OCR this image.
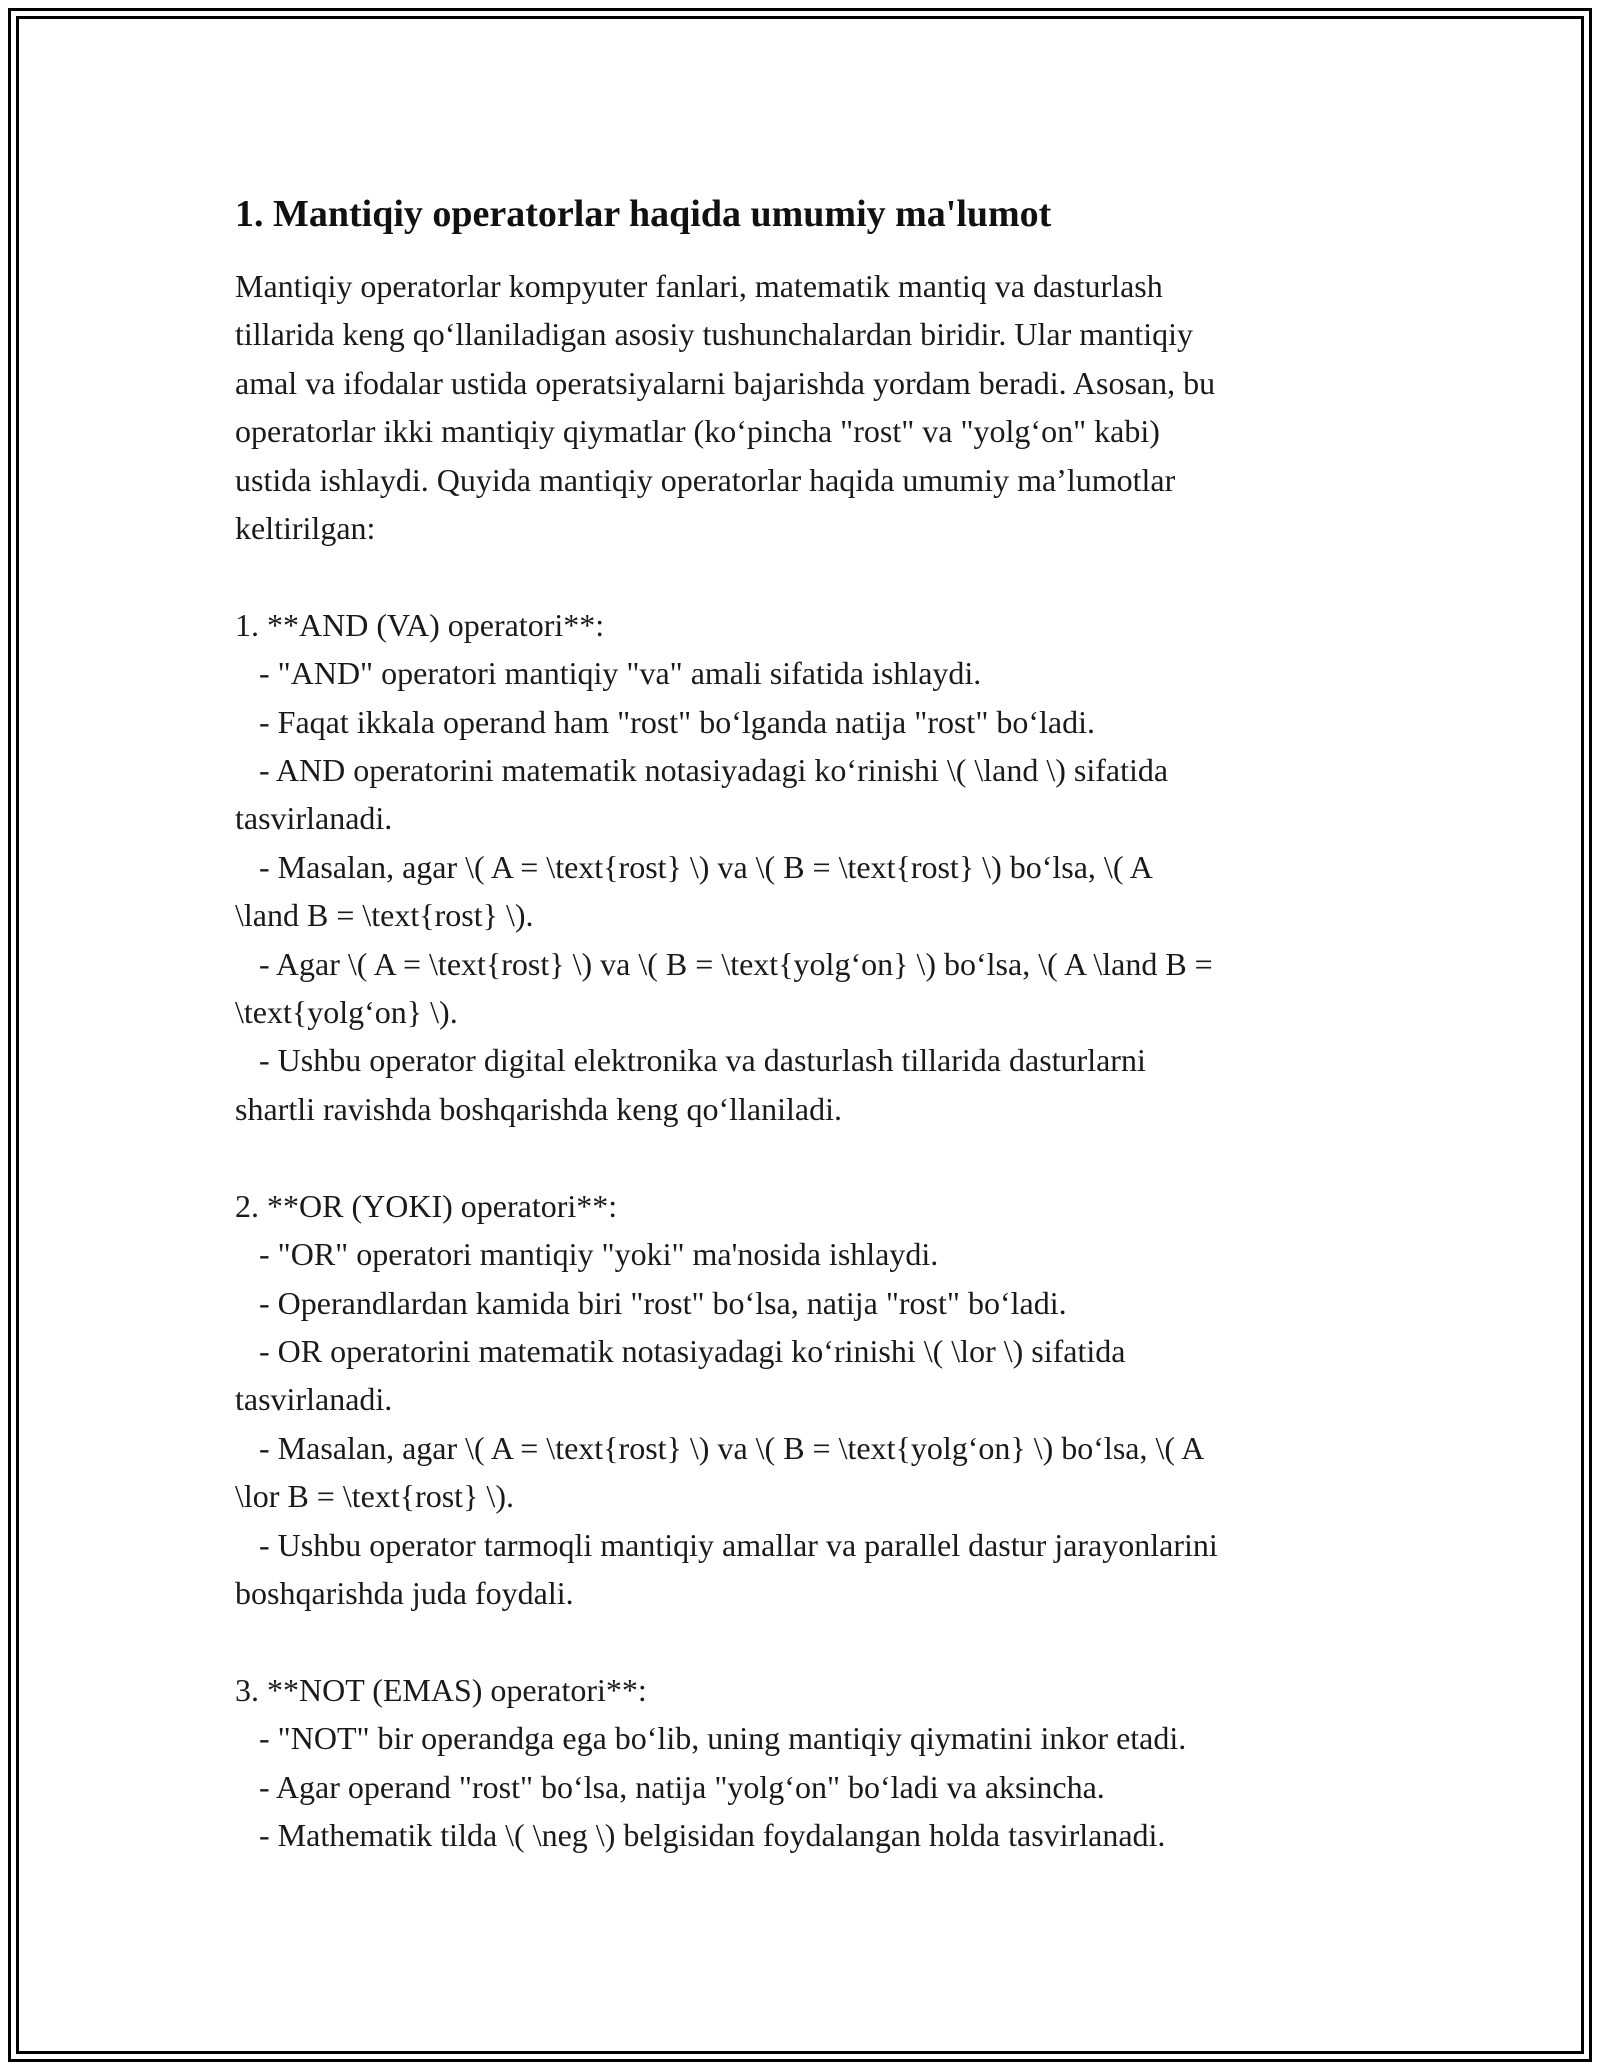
1. Mantiqiy operatorlar haqida umumiy ma'lumot
Mantiqiy operatorlar kompyuter fanlari, matematik mantiq va dasturlash
tillarida keng qo‘llaniladigan asosiy tushunchalardan biridir. Ular mantiqiy
amal va ifodalar ustida operatsiyalarni bajarishda yordam beradi. Asosan, bu
operatorlar ikki mantiqiy qiymatlar (ko‘pincha "rost" va "yolg‘on" kabi)
ustida ishlaydi. Quyida mantiqiy operatorlar haqida umumiy ma’lumotlar
keltirilgan:
1. **AND (VA) operatori**:
- "AND" operatori mantiqiy "va" amali sifatida ishlaydi.
- Faqat ikkala operand ham "rost" bo‘lganda natija "rost" bo‘ladi.
- AND operatorini matematik notasiyadagi ko‘rinishi \( \land \) sifatida
tasvirlanadi.
- Masalan, agar \( A = \text{rost} \) va \( B = \text{rost} \) bo‘lsa, \( A
\land B = \text{rost} \).
- Agar \( A = \text{rost} \) va \( B = \text{yolg‘on} \) bo‘lsa, \( A \land B =
\text{yolg‘on} \).
- Ushbu operator digital elektronika va dasturlash tillarida dasturlarni
shartli ravishda boshqarishda keng qo‘llaniladi.
2. **OR (YOKI) operatori**:
- "OR" operatori mantiqiy "yoki" ma'nosida ishlaydi.
- Operandlardan kamida biri "rost" bo‘lsa, natija "rost" bo‘ladi.
- OR operatorini matematik notasiyadagi ko‘rinishi \( \lor \) sifatida
tasvirlanadi.
- Masalan, agar \( A = \text{rost} \) va \( B = \text{yolg‘on} \) bo‘lsa, \( A
\lor B = \text{rost} \).
- Ushbu operator tarmoqli mantiqiy amallar va parallel dastur jarayonlarini
boshqarishda juda foydali.
3. **NOT (EMAS) operatori**:
- "NOT" bir operandga ega bo‘lib, uning mantiqiy qiymatini inkor etadi.
- Agar operand "rost" bo‘lsa, natija "yolg‘on" bo‘ladi va aksincha.
- Mathematik tilda \( \neg \) belgisidan foydalangan holda tasvirlanadi.
